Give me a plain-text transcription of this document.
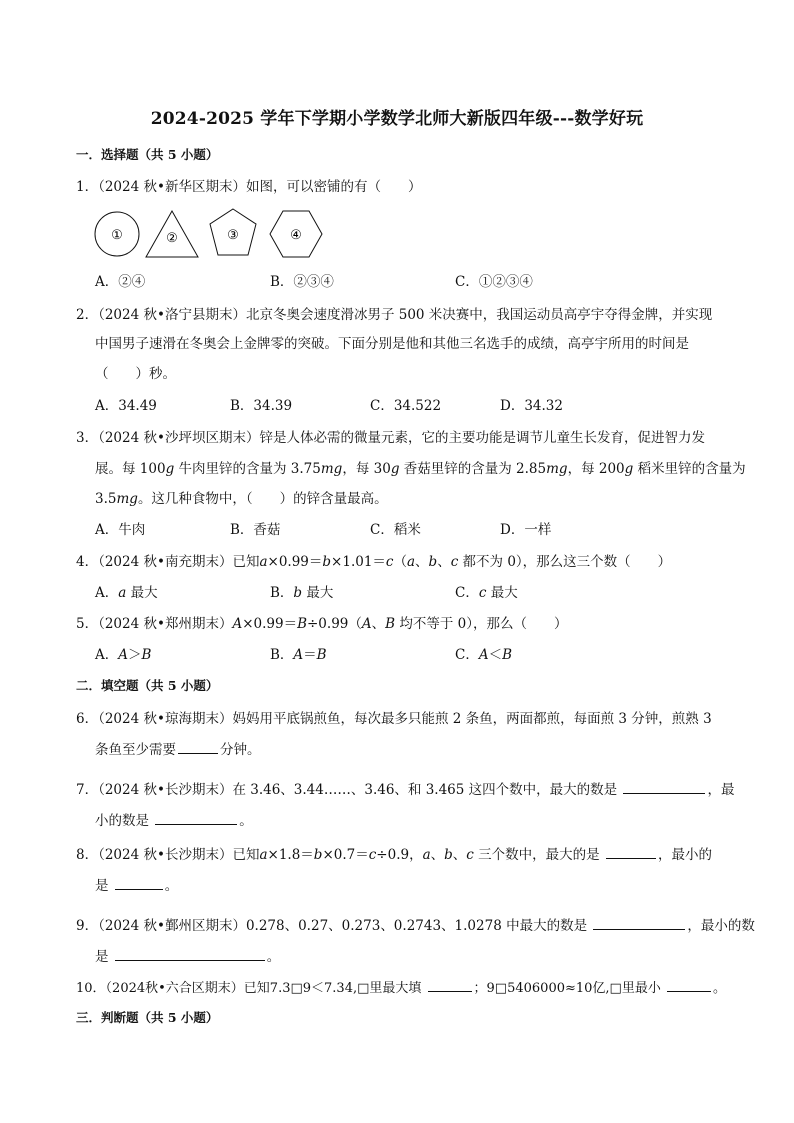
2024-2025 学年下学期小学数学北师大新版四年级---数学好玩
一．选择题（共 5 小题）
1．（2024 秋•新华区期末）如图，可以密铺的有（　　）
①	②	③	④
A．②④	B．②③④	C．①②③④
2．（2024 秋•洛宁县期末）北京冬奥会速度滑冰男子 500 米决赛中，我国运动员高亭宇夺得金牌，并实现
中国男子速滑在冬奥会上金牌零的突破。下面分别是他和其他三名选手的成绩，高亭宇所用的时间是
（　　）秒。
A．34.49	B．34.39	C．34.522	D．34.32
3．（2024 秋•沙坪坝区期末）锌是人体必需的微量元素，它的主要功能是调节儿童生长发育，促进智力发
展。每 100g 牛肉里锌的含量为 3.75mg，每 30g 香菇里锌的含量为 2.85mg，每 200g 稻米里锌的含量为
3.5mg。这几种食物中，（　　）的锌含量最高。
A．牛肉	B．香菇	C．稻米	D．一样
4．（2024 秋•南充期末）已知a×0.99＝b×1.01＝c（a、b、c 都不为 0），那么这三个数（　　）
A．a 最大	B．b 最大	C．c 最大
5．（2024 秋•郑州期末）A×0.99＝B÷0.99（A、B 均不等于 0），那么（　　）
A．A＞B	B．A＝B	C．A＜B
二．填空题（共 5 小题）
6．（2024 秋•琼海期末）妈妈用平底锅煎鱼，每次最多只能煎 2 条鱼，两面都煎，每面煎 3 分钟，煎熟 3
条鱼至少需要	分钟。
7．（2024 秋•长沙期末）在 3.46、3.44……、3.46、和 3.465 这四个数中，最大的数是	，最
小的数是	。
8．（2024 秋•长沙期末）已知a×1.8＝b×0.7＝c÷0.9，a、b、c 三个数中，最大的是	，最小的
是	。
9．（2024 秋•鄞州区期末）0.278、0.27、0.273、0.2743、1.0278 中最大的数是	，最小的数
是	。
10．（2024秋•六合区期末）已知7.3□9＜7.34,□里最大填	；9□5406000≈10亿,□里最小	。
三．判断题（共 5 小题）
